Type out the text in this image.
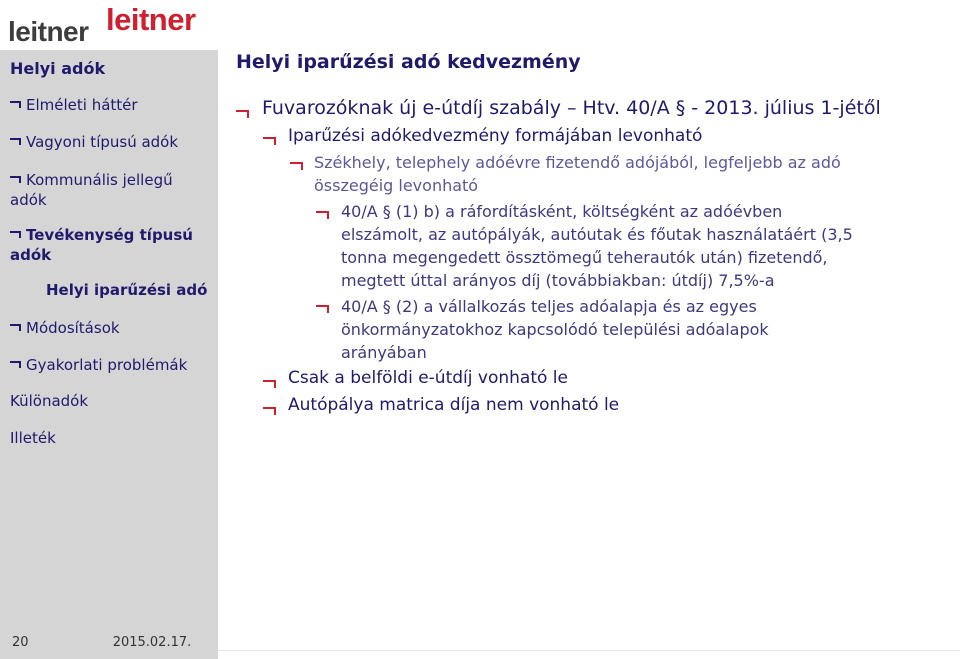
leitner leitner
Helyi adók
Elméleti háttér
Vagyoni típusú adók
Kommunális jellegű adók
Tevékenység típusú adók
Helyi iparűzési adó
Módosítások
Gyakorlati problémák
Különadók
Illeték
20	2015.02.17.
Helyi iparűzési adó kedvezmény
Fuvarozóknak új e-útdíj szabály – Htv. 40/A § - 2013. július 1-jétől
Iparűzési adókedvezmény formájában levonható
Székhely, telephely adóévre fizetendő adójából, legfeljebb az adó
összegéig levonható
40/A § (1) b) a ráfordításként, költségként az adóévben
elszámolt, az autópályák, autóutak és főutak használatáért (3,5
tonna megengedett össztömegű teherautók után) fizetendő,
megtett úttal arányos díj (továbbiakban: útdíj) 7,5%-a
40/A § (2) a vállalkozás teljes adóalapja és az egyes
önkormányzatokhoz kapcsolódó települési adóalapok
arányában
Csak a belföldi e-útdíj vonható le
Autópálya matrica díja nem vonható le
